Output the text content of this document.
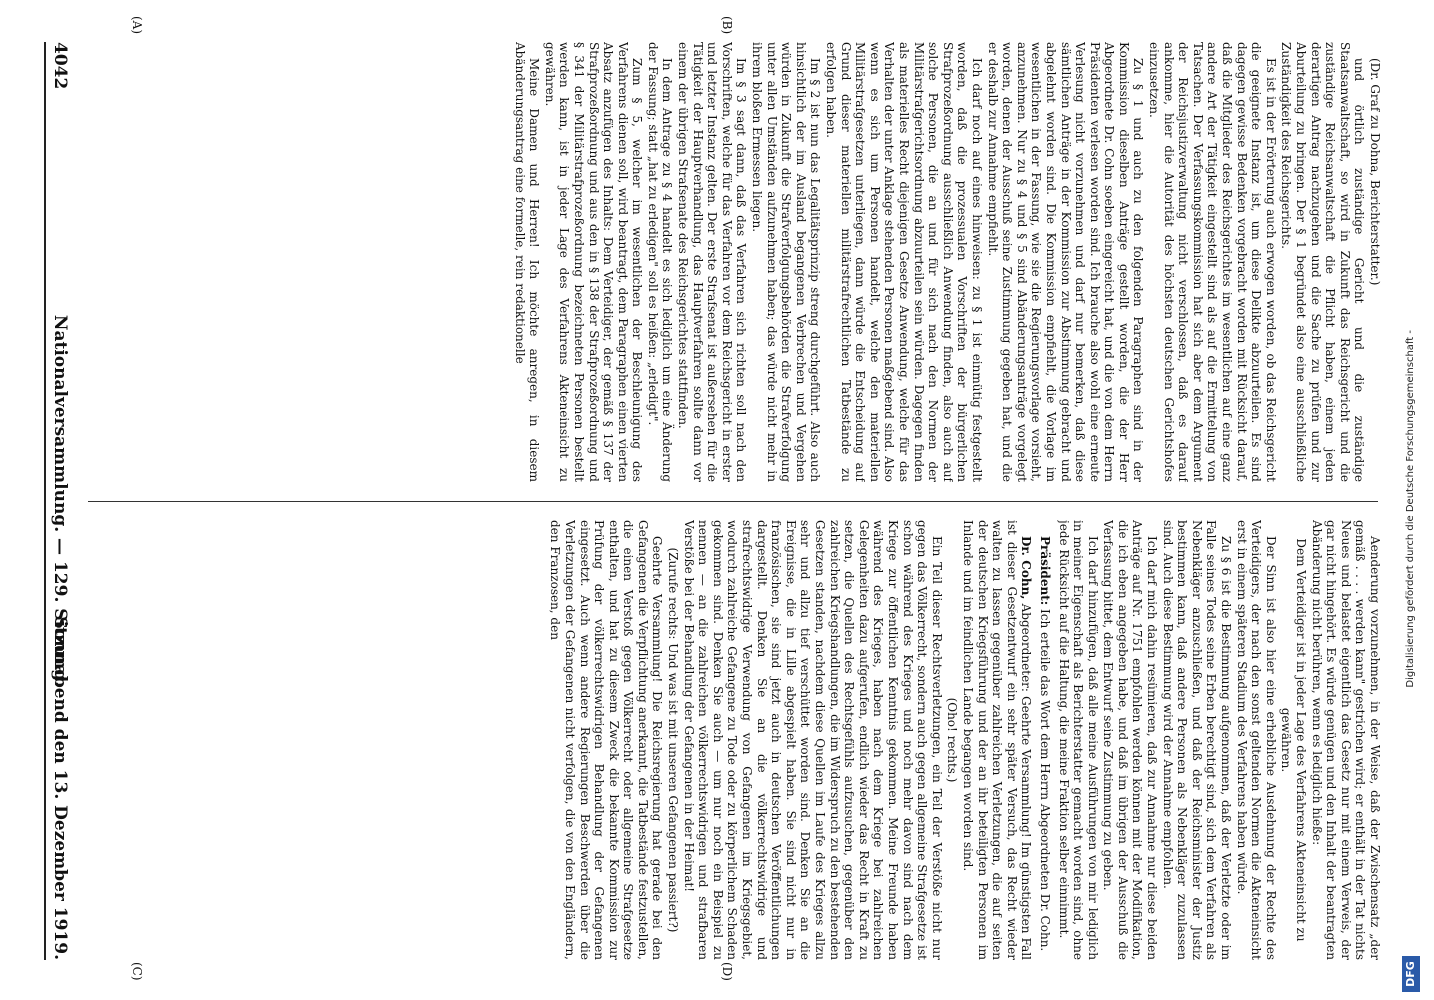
Digitalisierung gefördert durch die Deutsche Forschungsgemeinschaft -
DFG

(Dr. Graf zu Dohna, Berichterstatter.)

und örtlich zuständige Gericht und die zuständige Staatsanwaltschaft, so wird in Zukunft das Reichsgericht und die zuständige Reichsanwaltschaft die Pflicht haben, einem jeden derartigen Antrag nachzugehen und die Sache zu prüfen und zur Aburteilung zu bringen. Der § 1 begründet also eine ausschließliche Zuständigkeit des Reichsgerichts.

Es ist in der Erörterung auch erwogen worden, ob das Reichsgericht die geeignete Instanz ist, um diese Delikte abzuurteilen. Es sind dagegen gewisse Bedenken vorgebracht worden mit Rücksicht darauf, daß die Mitglieder des Reichsgerichtes im wesentlichen auf eine ganz andere Art der Tätigkeit eingestellt sind als auf die Ermittelung von Tatsachen. Der Verfassungskommission hat sich aber dem Argument der Reichsjustizverwaltung nicht verschlossen, daß es darauf ankomme, hier die Autorität des höchsten deutschen Gerichtshofes einzusetzen.

Zu § 1 und auch zu den folgenden Paragraphen sind in der Kommission dieselben Anträge gestellt worden, die der Herr Abgeordnete Dr. Cohn soeben eingereicht hat, und die von dem Herrn Präsidenten verlesen worden sind. Ich brauche also wohl eine erneute Verlesung nicht vorzunehmen und darf nur bemerken, daß diese sämtlichen Anträge in der Kommission zur Abstimmung gebracht und abgelehnt worden sind. Die Kommission empfiehlt, die Vorlage im wesentlichen in der Fassung, wie sie die Regierungsvorlage vorsieht, anzunehmen. Nur zu § 4 und § 5 sind Abänderungsanträge vorgelegt worden, denen der Ausschuß seine Zustimmung gegeben hat, und die er deshalb zur Annahme empfiehlt.

Ich darf noch auf eines hinweisen: zu § 1 ist einmütig festgestellt worden, daß die prozessualen Vorschriften der bürgerlichen Strafprozeßordnung ausschließlich Anwendung finden, also auch auf solche Personen, die an und für sich nach den Normen der Militärstrafgerichtsordnung abzuurteilen sein würden. Dagegen finden als materielles Recht diejenigen Gesetze Anwendung, welche für das Verhalten der unter Anklage stehenden Personen maßgebend sind. Also wenn es sich um Personen handelt, welche den materiellen Militärstrafgesetzen unterliegen, dann würde die Entscheidung auf Grund dieser materiellen militärstrafrechtlichen Tatbestände zu erfolgen haben.

Im § 2 ist nun das Legalitätsprinzip streng durchgeführt. Also auch hinsichtlich der im Ausland begangenen Verbrechen und Vergehen würden in Zukunft die Strafverfolgungsbehörden die Strafverfolgung unter allen Umständen aufzunehmen haben; das würde nicht mehr in ihrem bloßen Ermessen liegen.

Im § 3 sagt dann, daß das Verfahren sich richten soll nach den Vorschriften, welche für das Verfahren vor dem Reichsgericht in erster und letzter Instanz gelten. Der erste Strafsenat ist außersehen für die Tätigkeit der Hauptverhandlung, das Hauptverfahren sollte dann vor einem der übrigen Strafsenate des Reichsgerichtes stattfinden.

In dem Antrage zu § 4 handelt es sich lediglich um eine Änderung der Fassung; statt „hat zu erledigen" soll es heißen: „erledigt".

Zum § 5, welcher im wesentlichen der Beschleunigung des Verfahrens dienen soll, wird beantragt, dem Paragraphen einen vierten Absatz anzufügen des Inhalts: Dem Verteidiger, der gemäß § 137 der Strafprozeßordnung und aus den in § 138 der Strafprozeßordnung und § 341 der Militärstrafprozeßordnung bezeichneten Personen bestellt werden kann, ist in jeder Lage des Verfahrens Akteneinsicht zu gewähren.

Meine Damen und Herren! Ich möchte anregen, in diesem Abänderungsantrag eine formelle, rein redaktionelle

Aenderung vorzunehmen, in der Weise, daß der Zwischensatz „der gemäß . . . . werden kann" gestrichen wird; er enthält in der Tat nichts Neues und belastet eigentlich das Gesetz nur mit einem Verweis, der gar nicht hingehört. Es würde genügen und den Inhalt der beantragten Abänderung nicht berühren, wenn es lediglich hieße:

Dem Verteidiger ist in jeder Lage des Verfahrens Akteneinsicht zu gewähren.

Der Sinn ist also hier eine erhebliche Ausdehnung der Rechte des Verteidigers, der nach den sonst geltenden Normen die Akteneinsicht erst in einem späteren Stadium des Verfahrens haben würde.

Zu § 6 ist die Bestimmung aufgenommen, daß der Verletzte oder im Falle seines Todes seine Erben berechtigt sind, sich dem Verfahren als Nebenkläger anzuschließen, und daß der Reichsminister der Justiz bestimmen kann, daß andere Personen als Nebenkläger zuzulassen sind. Auch diese Bestimmung wird der Annahme empfohlen.

Ich darf mich dahin resümieren, daß zur Annahme nur diese beiden Anträge auf Nr. 1751 empfohlen werden können mit der Modifikation, die ich eben angegeben habe, und daß im übrigen der Ausschuß die Verfassung bittet, dem Entwurf seine Zustimmung zu geben.

Ich darf hinzufügen, daß alle meine Ausführungen von mir lediglich in meiner Eigenschaft als Berichterstatter gemacht worden sind, ohne jede Rücksicht auf die Haltung, die meine Fraktion selber einnimmt.

Präsident: Ich erteile das Wort dem Herrn Abgeordneten Dr. Cohn.

Dr. Cohn, Abgeordneter: Geehrte Versammlung! Im günstigsten Fall ist dieser Gesetzentwurf ein sehr später Versuch, das Recht wieder walten zu lassen gegenüber zahlreichen Verletzungen, die auf seiten der deutschen Kriegsführung und der an ihr beteiligten Personen im Inlande und im feindlichen Lande begangen worden sind.

(Oho! rechts.)

Ein Teil dieser Rechtsverletzungen, ein Teil der Verstöße nicht nur gegen das Völkerrecht, sondern auch gegen allgemeine Strafgesetze ist schon während des Krieges und noch mehr davon sind nach dem Kriege zur öffentlichen Kenntnis gekommen. Meine Freunde haben während des Krieges, haben nach dem Kriege bei zahlreichen Gelegenheiten dazu aufgerufen, endlich wieder das Recht in Kraft zu setzen, die Quellen des Rechtsgefühls aufzusuchen, gegenüber den zahlreichen Kriegshandlungen, die im Widerspruch zu den bestehenden Gesetzen standen, nachdem diese Quellen im Laufe des Krieges allzu sehr und allzu tief verschüttet worden sind. Denken Sie an die Ereignisse, die in Lille abgespielt haben. Sie sind nicht nur in französischen, sie sind jetzt auch in deutschen Veröffentlichungen dargestellt. Denken Sie an die völkerrechtswidrige und strafrechtswidrige Verwendung von Gefangenen im Kriegsgebiet, wodurch zahlreiche Gefangene zu Tode oder zu körperlichem Schaden gekommen sind. Denken Sie auch — um nur noch ein Beispiel zu nennen — an die zahlreichen völkerrechtswidrigen und strafbaren Verstöße bei der Behandlung der Gefangenen in der Heimat!

(Zurufe rechts: Und was ist mit unseren Gefangenen passiert?)

Geehrte Versammlung! Die Reichsregierung hat gerade bei den Gefangenen die Verpflichtung anerkannt, die Tatbestände festzustellen, die einen Verstoß gegen Völkerrecht oder allgemeine Strafgesetze enthalten, und hat zu diesem Zweck die bekannte Kommission zur Prüfung der völkerrechtswidrigen Behandlung der Gefangenen eingesetzt. Auch wenn andere Regierungen Beschwerden über die Verletzungen der Gefangenen nicht verfolgen, die von den Engländern, den Franzosen, den

(A)	(B)
(C)	(D)
4042
Nationalversammlung. — 129. Sitzung.
Sonnabend den 13. Dezember 1919.
